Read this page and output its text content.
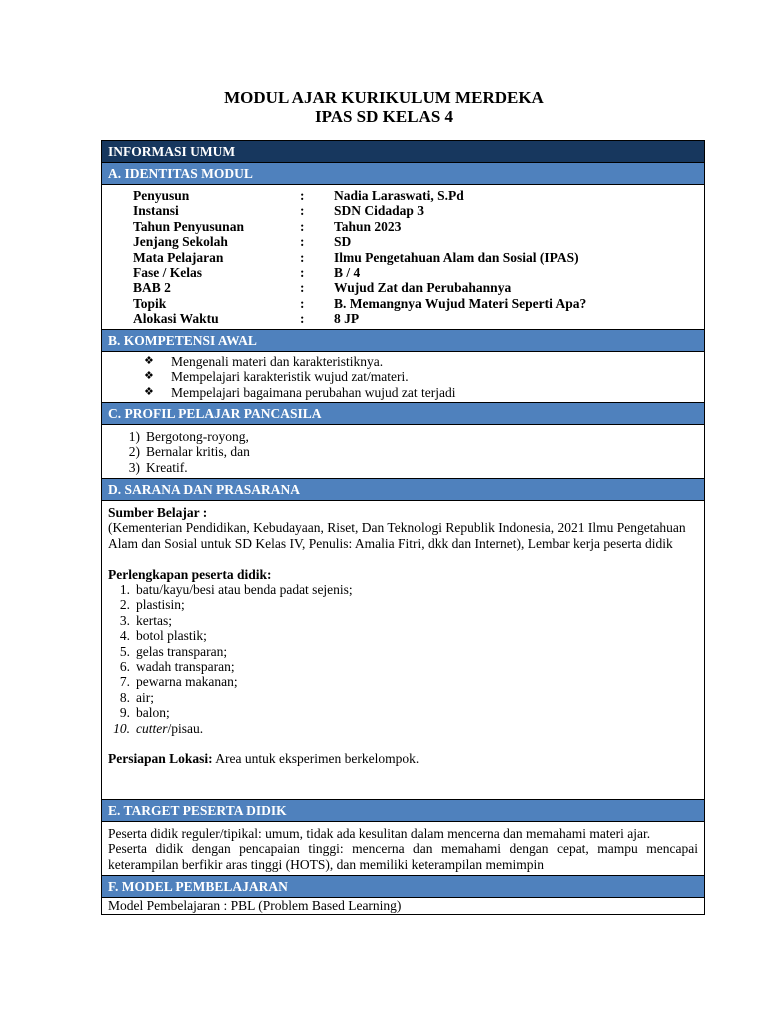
MODUL AJAR KURIKULUM MERDEKA
IPAS SD KELAS 4
INFORMASI UMUM
A. IDENTITAS MODUL
Penyusun	:	Nadia Laraswati, S.Pd
Instansi	:	SDN Cidadap 3
Tahun Penyusunan	:	Tahun 2023
Jenjang Sekolah	:	SD
Mata Pelajaran	:	Ilmu Pengetahuan Alam dan Sosial (IPAS)
Fase / Kelas	:	B / 4
BAB 2	:	Wujud Zat dan Perubahannya
Topik	:	B. Memangnya Wujud Materi Seperti Apa?
Alokasi Waktu	:	8 JP
B. KOMPETENSI AWAL
❖	Mengenali materi dan karakteristiknya.
❖	Mempelajari karakteristik wujud zat/materi.
❖	Mempelajari bagaimana perubahan wujud zat terjadi
C. PROFIL PELAJAR PANCASILA
1) Bergotong-royong,
2) Bernalar kritis, dan
3) Kreatif.
D. SARANA DAN PRASARANA
Sumber Belajar :
(Kementerian Pendidikan, Kebudayaan, Riset, Dan Teknologi Republik Indonesia, 2021 Ilmu Pengetahuan Alam dan Sosial untuk SD Kelas IV, Penulis: Amalia Fitri, dkk dan Internet), Lembar kerja peserta didik
Perlengkapan peserta didik:
1. batu/kayu/besi atau benda padat sejenis;
2. plastisin;
3. kertas;
4. botol plastik;
5. gelas transparan;
6. wadah transparan;
7. pewarna makanan;
8. air;
9. balon;
10. cutter/pisau.
Persiapan Lokasi: Area untuk eksperimen berkelompok.
E. TARGET PESERTA DIDIK
Peserta didik reguler/tipikal: umum, tidak ada kesulitan dalam mencerna dan memahami materi ajar.
Peserta didik dengan pencapaian tinggi: mencerna dan memahami dengan cepat, mampu mencapai keterampilan berfikir aras tinggi (HOTS), dan memiliki keterampilan memimpin
F. MODEL PEMBELAJARAN
Model Pembelajaran : PBL (Problem Based Learning)
